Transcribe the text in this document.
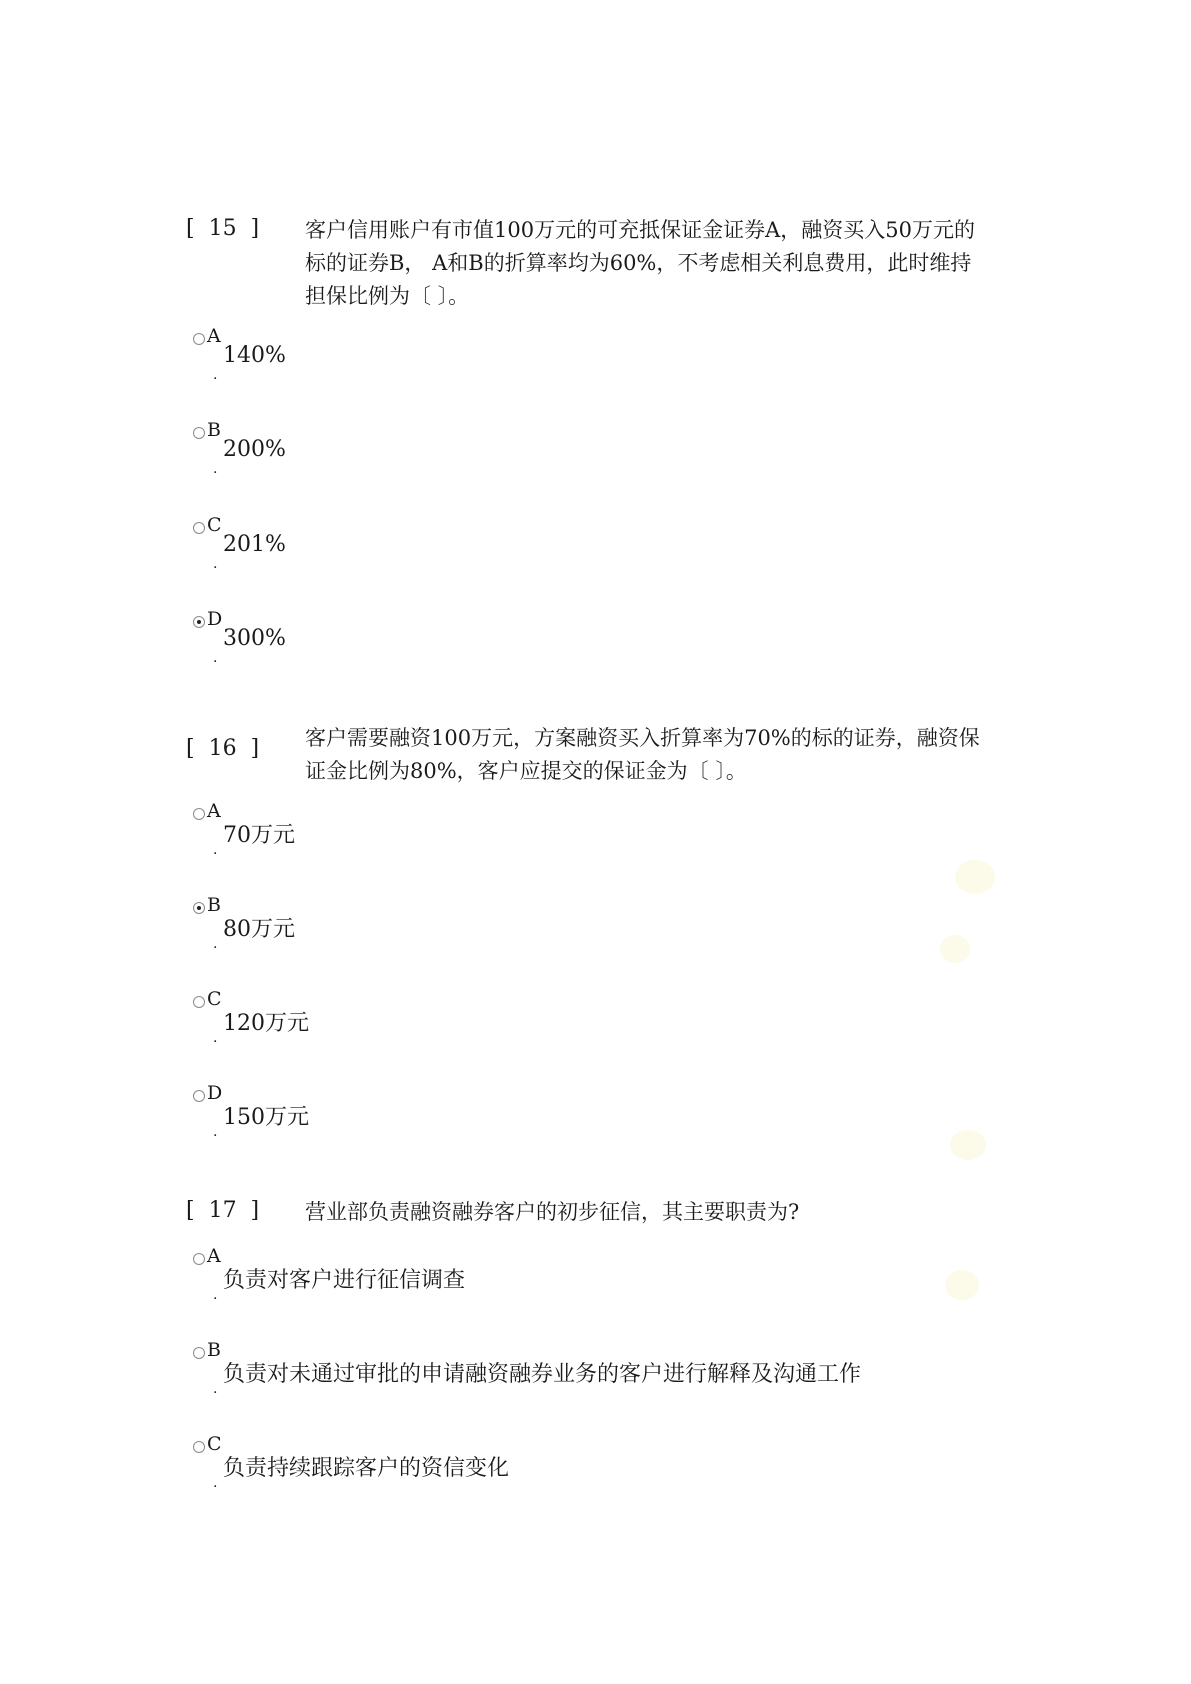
[  15  ]	客户信用账户有市值100万元的可充抵保证金证券A，融资买入50万元的
标的证券B， A和B的折算率均为60%，不考虑相关利息费用，此时维持
担保比例为〔 〕。
A
140%
.
B
200%
.
C
201%
.
D
300%
.
[  16  ]	客户需要融资100万元，方案融资买入折算率为70%的标的证券，融资保
证金比例为80%，客户应提交的保证金为〔 〕。
A
70万元
.
B
80万元
.
C
120万元
.
D
150万元
.
[  17  ]	营业部负责融资融券客户的初步征信，其主要职责为?
A
负责对客户进行征信调查
.
B
负责对未通过审批的申请融资融券业务的客户进行解释及沟通工作
.
C
负责持续跟踪客户的资信变化
.
